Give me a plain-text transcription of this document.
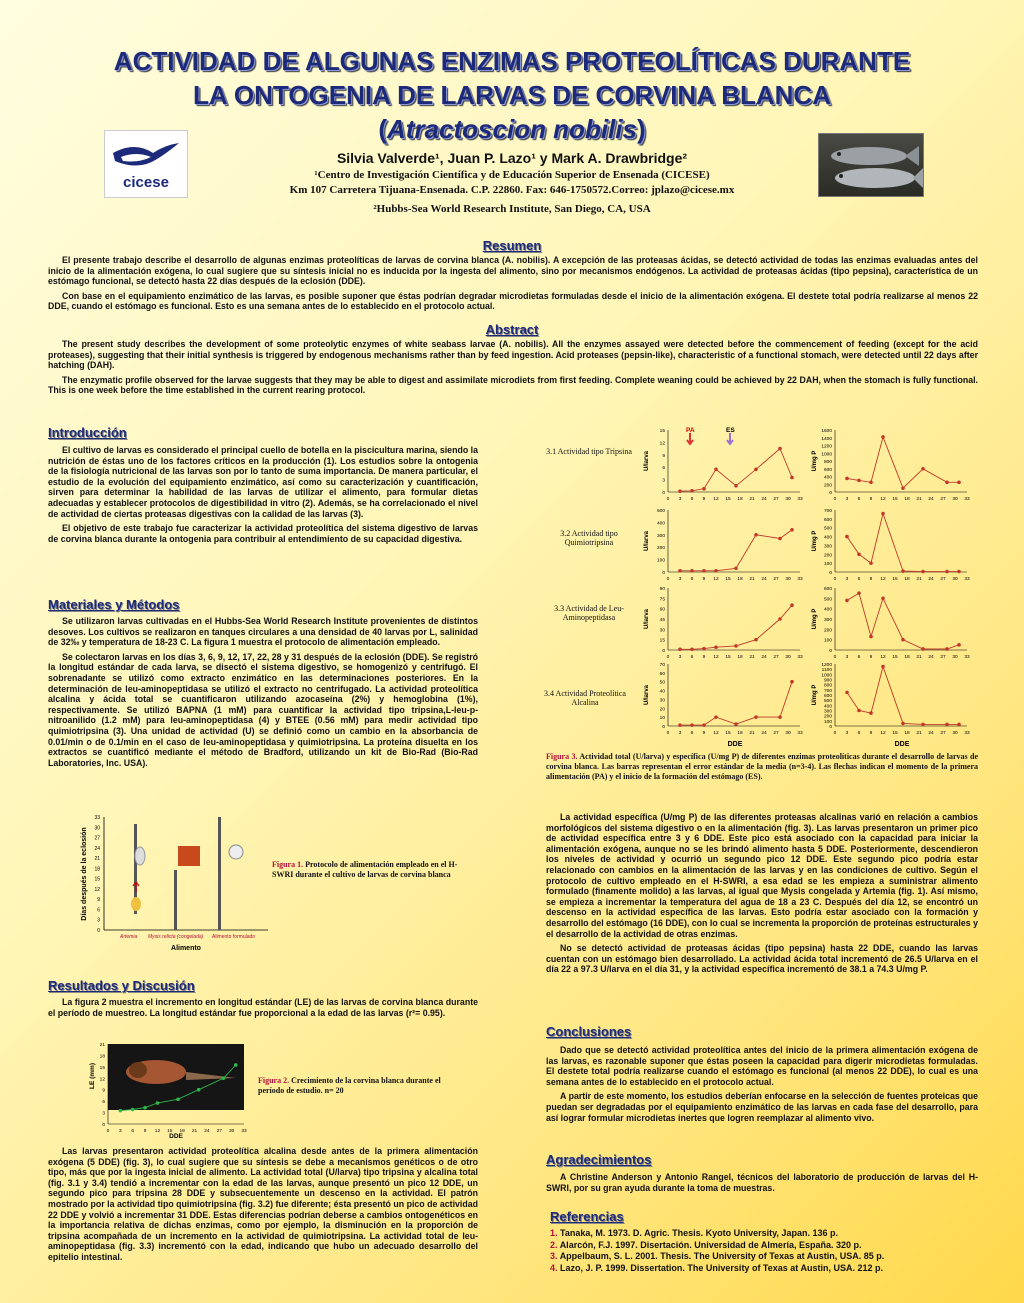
ACTIVIDAD DE ALGUNAS ENZIMAS PROTEOLÍTICAS DURANTE
LA ONTOGENIA DE LARVAS DE CORVINA BLANCA
(Atractoscion nobilis)
cicese
Silvia Valverde¹, Juan P. Lazo¹ y Mark A. Drawbridge²
¹Centro de Investigación Científica y de Educación Superior de Ensenada (CICESE)
Km 107 Carretera Tijuana-Ensenada. C.P. 22860. Fax: 646-1750572.Correo: jplazo@cicese.mx
²Hubbs-Sea World Research Institute, San Diego, CA, USA
Resumen

El presente trabajo describe el desarrollo de algunas enzimas proteolíticas de larvas de corvina blanca (A. nobilis). A excepción de las proteasas ácidas, se detectó actividad de todas las enzimas evaluadas antes del inicio de la alimentación exógena, lo cual sugiere que su síntesis inicial no es inducida por la ingesta del alimento, sino por mecanismos endógenos. La actividad de proteasas ácidas (tipo pepsina), característica de un estómago funcional, se detectó hasta 22 días después de la eclosión (DDE).

Con base en el equipamiento enzimático de las larvas, es posible suponer que éstas podrían degradar microdietas formuladas desde el inicio de la alimentación exógena. El destete total podría realizarse al menos 22 DDE, cuando el estómago es funcional. Esto es una semana antes de lo establecido en el protocolo actual.

Abstract

The present study describes the development of some proteolytic enzymes of white seabass larvae (A. nobilis). All the enzymes assayed were detected before the commencement of feeding (except for the acid proteases), suggesting that their initial synthesis is triggered by endogenous mechanisms rather than by feed ingestion. Acid proteases (pepsin-like), characteristic of a functional stomach, were detected until 22 days after hatching (DAH).

The enzymatic profile observed for the larvae suggests that they may be able to digest and assimilate microdiets from first feeding. Complete weaning could be achieved by 22 DAH, when the stomach is fully functional. This is one week before the time established in the current rearing protocol.

Introducción

El cultivo de larvas es considerado el principal cuello de botella en la piscicultura marina, siendo la nutrición de éstas uno de los factores críticos en la producción (1). Los estudios sobre la ontogenia de la fisiología nutricional de las larvas son por lo tanto de suma importancia. De manera particular, el estudio de la evolución del equipamiento enzimático, así como su caracterización y cuantificación, sirven para determinar la habilidad de las larvas de utilizar el alimento, para formular dietas adecuadas y establecer protocolos de digestibilidad in vitro (2). Además, se ha correlacionado el nivel de actividad de ciertas proteasas digestivas con la calidad de las larvas (3).

El objetivo de este trabajo fue caracterizar la actividad proteolítica del sistema digestivo de larvas de corvina blanca durante la ontogenia para contribuir al entendimiento de su capacidad digestiva.

Materiales y Métodos

Se utilizaron larvas cultivadas en el Hubbs-Sea World Research Institute provenientes de distintos desoves. Los cultivos se realizaron en tanques circulares a una densidad de 40 larvas por L, salinidad de 32‰ y temperatura de 18-23 C. La figura 1 muestra el protocolo de alimentación empleado.

Se colectaron larvas en los días 3, 6, 9, 12, 17, 22, 28 y 31 después de la eclosión (DDE). Se registró la longitud estándar de cada larva, se disectó el sistema digestivo, se homogenizó y centrifugó. El sobrenadante se utilizó como extracto enzimático en las determinaciones posteriores. En la determinación de leu-aminopeptidasa se utilizó el extracto no centrifugado. La actividad proteolítica alcalina y ácida total se cuantificaron utilizando azocaseína (2%) y hemoglobina (1%), respectivamente. Se utilizó BAPNA (1 mM) para cuantificar la actividad tipo tripsina,L-leu-p-nitroanilido (1.2 mM) para leu-aminopeptidasa (4) y BTEE (0.56 mM) para medir actividad tipo quimiotripsina (3). Una unidad de actividad (U) se definió como un cambio en la absorbancia de 0.01/min o de 0.1/min en el caso de leu-aminopeptidasa y quimiotripsina. La proteína disuelta en los extractos se cuantificó mediante el método de Bradford, utilizando un kit de Bio-Rad (Bio-Rad Laboratories, Inc. USA).

33
30
27
24
21
18
15
12
9
6
3
0
Artemia Mysis relicta (congelada) Alimento formulado
Alimento
Días después de la eclosión	Figura 1. Protocolo de alimentación empleado en el H-SWRI durante el cultivo de larvas de corvina blanca
Resultados y Discusión

La figura 2 muestra el incremento en longitud estándar (LE) de las larvas de corvina blanca durante el período de muestreo. La longitud estándar fue proporcional a la edad de las larvas (r²= 0.95).

0
3
6
9
12
15
18
21
0 3 6 9 12 15 18 21 24 27 30 33
LE (mm)
DDE
Figura 2. Crecimiento de la corvina blanca durante el período de estudio. n= 20

Las larvas presentaron actividad proteolítica alcalina desde antes de la primera alimentación exógena (5 DDE) (fig. 3), lo cual sugiere que su síntesis se debe a mecanismos genéticos o de otro tipo, más que por la ingesta inicial de alimento. La actividad total (U/larva) tipo tripsina y alcalina total (fig. 3.1 y 3.4) tendió a incrementar con la edad de las larvas, aunque presentó un pico 12 DDE, un segundo pico para tripsina 28 DDE y subsecuentemente un descenso en la actividad. El patrón mostrado por la actividad tipo quimiotripsina (fig. 3.2) fue diferente; ésta presentó un pico de actividad 22 DDE y volvió a incrementar 31 DDE. Estas diferencias podrían deberse a cambios ontogenéticos en la importancia relativa de dichas enzimas, como por ejemplo, la disminución en la proporción de tripsina acompañada de un incremento en la actividad de quimiotripsina. La actividad total de leu-aminopeptidasa (fig. 3.3) incrementó con la edad, indicando que hubo un adecuado desarrollo del epitelio intestinal.

3.1 Actividad tipo Tripsina
3.2 Actividad tipo Quimiotripsina
3.3 Actividad de Leu-Aminopeptidasa
3.4 Actividad Proteolítica Alcalina
0
3
6
9
12
15
0 3 6 9 12 15 18 21 24 27 30 33
0
200
400
600
800
1000
1200
1400
1600
0 3 6 9 12 15 18 21 24 27 30 33
U/larva	U/mg P
0
100
200
300
400
500
0 3 6 9 12 15 18 21 24 27 30 33
0
100
200
300
400
500
600
700
0 3 6 9 12 15 18 21 24 27 30 33
U/larva	U/mg P
0
15
30
45
60
75
90
0 3 6 9 12 15 18 21 24 27 30 33
0
100
200
300
400
500
600
0 3 6 9 12 15 18 21 24 27 30 33
U/larva	U/mg P
0
10
20
30
40
50
60
70
0 3 6 9 12 15 18 21 24 27 30 33
0
100
200
300
400
500
600
700
800
900
1000
1100
1200
0 3 6 9 12 15 18 21 24 27 30 33
U/larva	U/mg P
PA	ES
DDE	DDE
Figura 3. Actividad total (U/larva) y específica (U/mg P) de diferentes enzimas proteolíticas durante el desarrollo de larvas de corvina blanca. Las barras representan el error estándar de la media (n=3-4). Las flechas indican el momento de la primera alimentación (PA) y el inicio de la formación del estómago (ES).

La actividad específica (U/mg P) de las diferentes proteasas alcalinas varió en relación a cambios morfológicos del sistema digestivo o en la alimentación (fig. 3). Las larvas presentaron un primer pico de actividad específica entre 3 y 6 DDE. Este pico está asociado con la capacidad para iniciar la alimentación exógena, aunque no se les brindó alimento hasta 5 DDE. Posteriormente, descendieron los niveles de actividad y ocurrió un segundo pico 12 DDE. Este segundo pico podría estar relacionado con cambios en la alimentación de las larvas y en las condiciones de cultivo. Según el protocolo de cultivo empleado en el H-SWRI, a esa edad se les empieza a suministrar alimento formulado (finamente molido) a las larvas, al igual que Mysis congelada y Artemia (fig. 1). Así mismo, se empieza a incrementar la temperatura del agua de 18 a 23 C. Después del día 12, se encontró un descenso en la actividad específica de las larvas. Esto podría estar asociado con la formación y desarrollo del estómago (16 DDE), con lo cual se incrementa la proporción de proteínas estructurales y el desarrollo de la actividad de otras enzimas.

No se detectó actividad de proteasas ácidas (tipo pepsina) hasta 22 DDE, cuando las larvas cuentan con un estómago bien desarrollado. La actividad ácida total incrementó de 26.5 U/larva en el día 22 a 97.3 U/larva en el día 31, y la actividad específica incrementó de 38.1 a 74.3 U/mg P.

Conclusiones

Dado que se detectó actividad proteolítica antes del inicio de la primera alimentación exógena de las larvas, es razonable suponer que éstas poseen la capacidad para digerir microdietas formuladas. El destete total podría realizarse cuando el estómago es funcional (al menos 22 DDE), lo cual es una semana antes de lo establecido en el protocolo actual.

A partir de este momento, los estudios deberían enfocarse en la selección de fuentes proteicas que puedan ser degradadas por el equipamiento enzimático de las larvas en cada fase del desarrollo, para así lograr formular microdietas inertes que logren reemplazar al alimento vivo.

Agradecimientos

A Christine Anderson y Antonio Rangel, técnicos del laboratorio de producción de larvas del H-SWRI, por su gran ayuda durante la toma de muestras.

Referencias
1. Tanaka, M. 1973. D. Agric. Thesis. Kyoto University, Japan. 136 p.
2. Alarcón, F.J. 1997. Disertación. Universidad de Almería, España. 320 p.
3. Appelbaum, S. L. 2001. Thesis. The University of Texas at Austin, USA. 85 p.
4. Lazo, J. P. 1999. Dissertation. The University of Texas at Austin, USA. 212 p.
